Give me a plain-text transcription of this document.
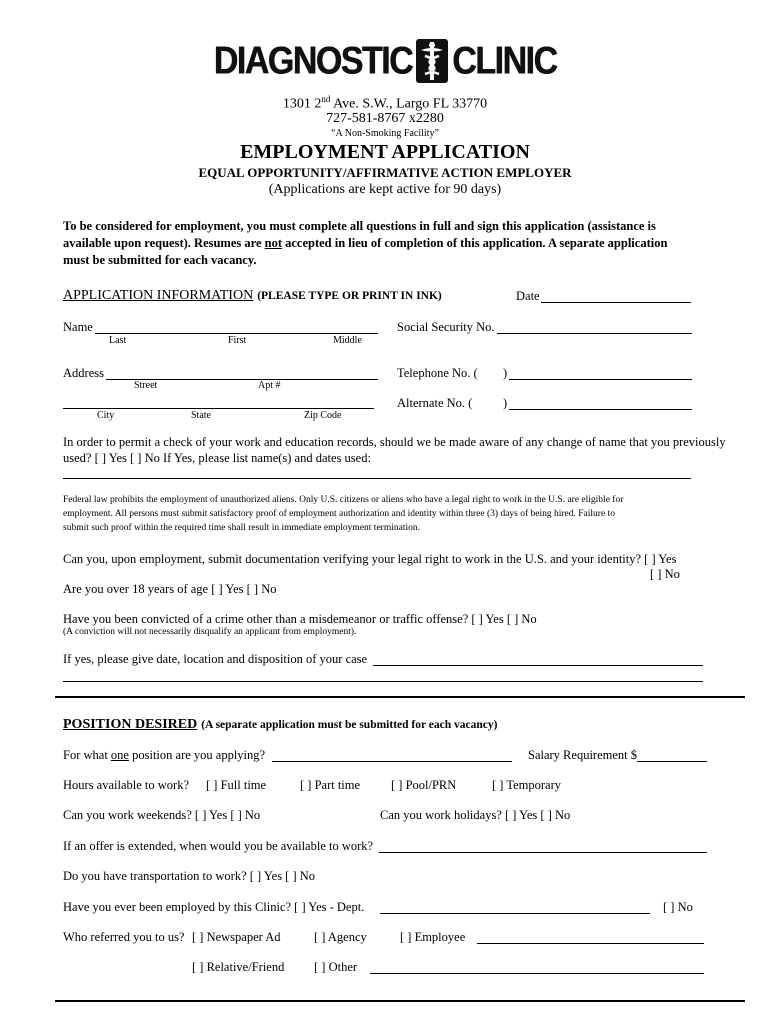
DIAGNOSTIC CLINIC
1301 2nd Ave. S.W., Largo FL 33770
727-581-8767 x2280
“A Non-Smoking Facility”
EMPLOYMENT APPLICATION
EQUAL OPPORTUNITY/AFFIRMATIVE ACTION EMPLOYER
(Applications are kept active for 90 days)
To be considered for employment, you must complete all questions in full and sign this application (assistance is
available upon request). Resumes are not accepted in lieu of completion of this application. A separate application
must be submitted for each vacancy.
APPLICATION INFORMATION (PLEASE TYPE OR PRINT IN INK)	Date
Name
Last	First	Middle
Social Security No.
Address
Street	Apt #
Telephone No. ( )
Alternate No. ( )
City	State	Zip Code
In order to permit a check of your work and education records, should we be made aware of any change of name that you previously
used? [ ] Yes [ ] No If Yes, please list name(s) and dates used:
Federal law prohibits the employment of unauthorized aliens. Only U.S. citizens or aliens who have a legal right to work in the U.S. are eligible for
employment. All persons must submit satisfactory proof of employment authorization and identity within three (3) days of being hired. Failure to
submit such proof within the required time shall result in immediate employment termination.
Can you, upon employment, submit documentation verifying your legal right to work in the U.S. and your identity? [ ] Yes
[ ] No
Are you over 18 years of age [ ] Yes [ ] No
Have you been convicted of a crime other than a misdemeanor or traffic offense? [ ] Yes [ ] No
(A conviction will not necessarily disqualify an applicant from employment).
If yes, please give date, location and disposition of your case
POSITION DESIRED (A separate application must be submitted for each vacancy)
For what one position are you applying?	Salary Requirement $
Hours available to work? [ ] Full time	[ ] Part time [ ] Pool/PRN	[ ] Temporary
Can you work weekends? [ ] Yes [ ] No	Can you work holidays? [ ] Yes [ ] No
If an offer is extended, when would you be available to work?
Do you have transportation to work? [ ] Yes [ ] No
Have you ever been employed by this Clinic? [ ] Yes - Dept.	[ ] No
Who referred you to us? [ ] Newspaper Ad	[ ] Agency	[ ] Employee
[ ] Relative/Friend [ ] Other
